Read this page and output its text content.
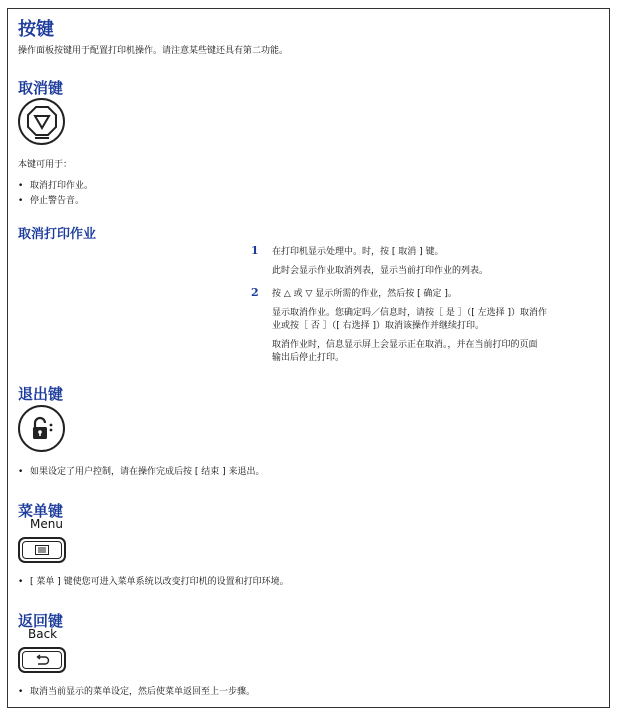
按键
操作面板按键用于配置打印机操作。请注意某些键还具有第二功能。
取消键
本键可用于：
• 取消打印作业。
• 停止警告音。
取消打印作业
1 在打印机显示处理中。时，按 [ 取消 ] 键。
此时会显示作业取消列表，显示当前打印作业的列表。
2 按 △ 或 ▽ 显示所需的作业，然后按 [ 确定 ]。
显示取消作业。您确定吗／信息时，请按［ 是 ］（[ 左选择 ]）取消作
业或按［ 否 ］（[ 右选择 ]）取消该操作并继续打印。
取消作业时，信息显示屏上会显示正在取消。，并在当前打印的页面
输出后停止打印。
退出键
• 如果设定了用户控制，请在操作完成后按 [ 结束 ] 来退出。
菜单键
Menu
• [ 菜单 ] 键使您可进入菜单系统以改变打印机的设置和打印环境。
返回键
Back
• 取消当前显示的菜单设定，然后使菜单返回至上一步骤。
